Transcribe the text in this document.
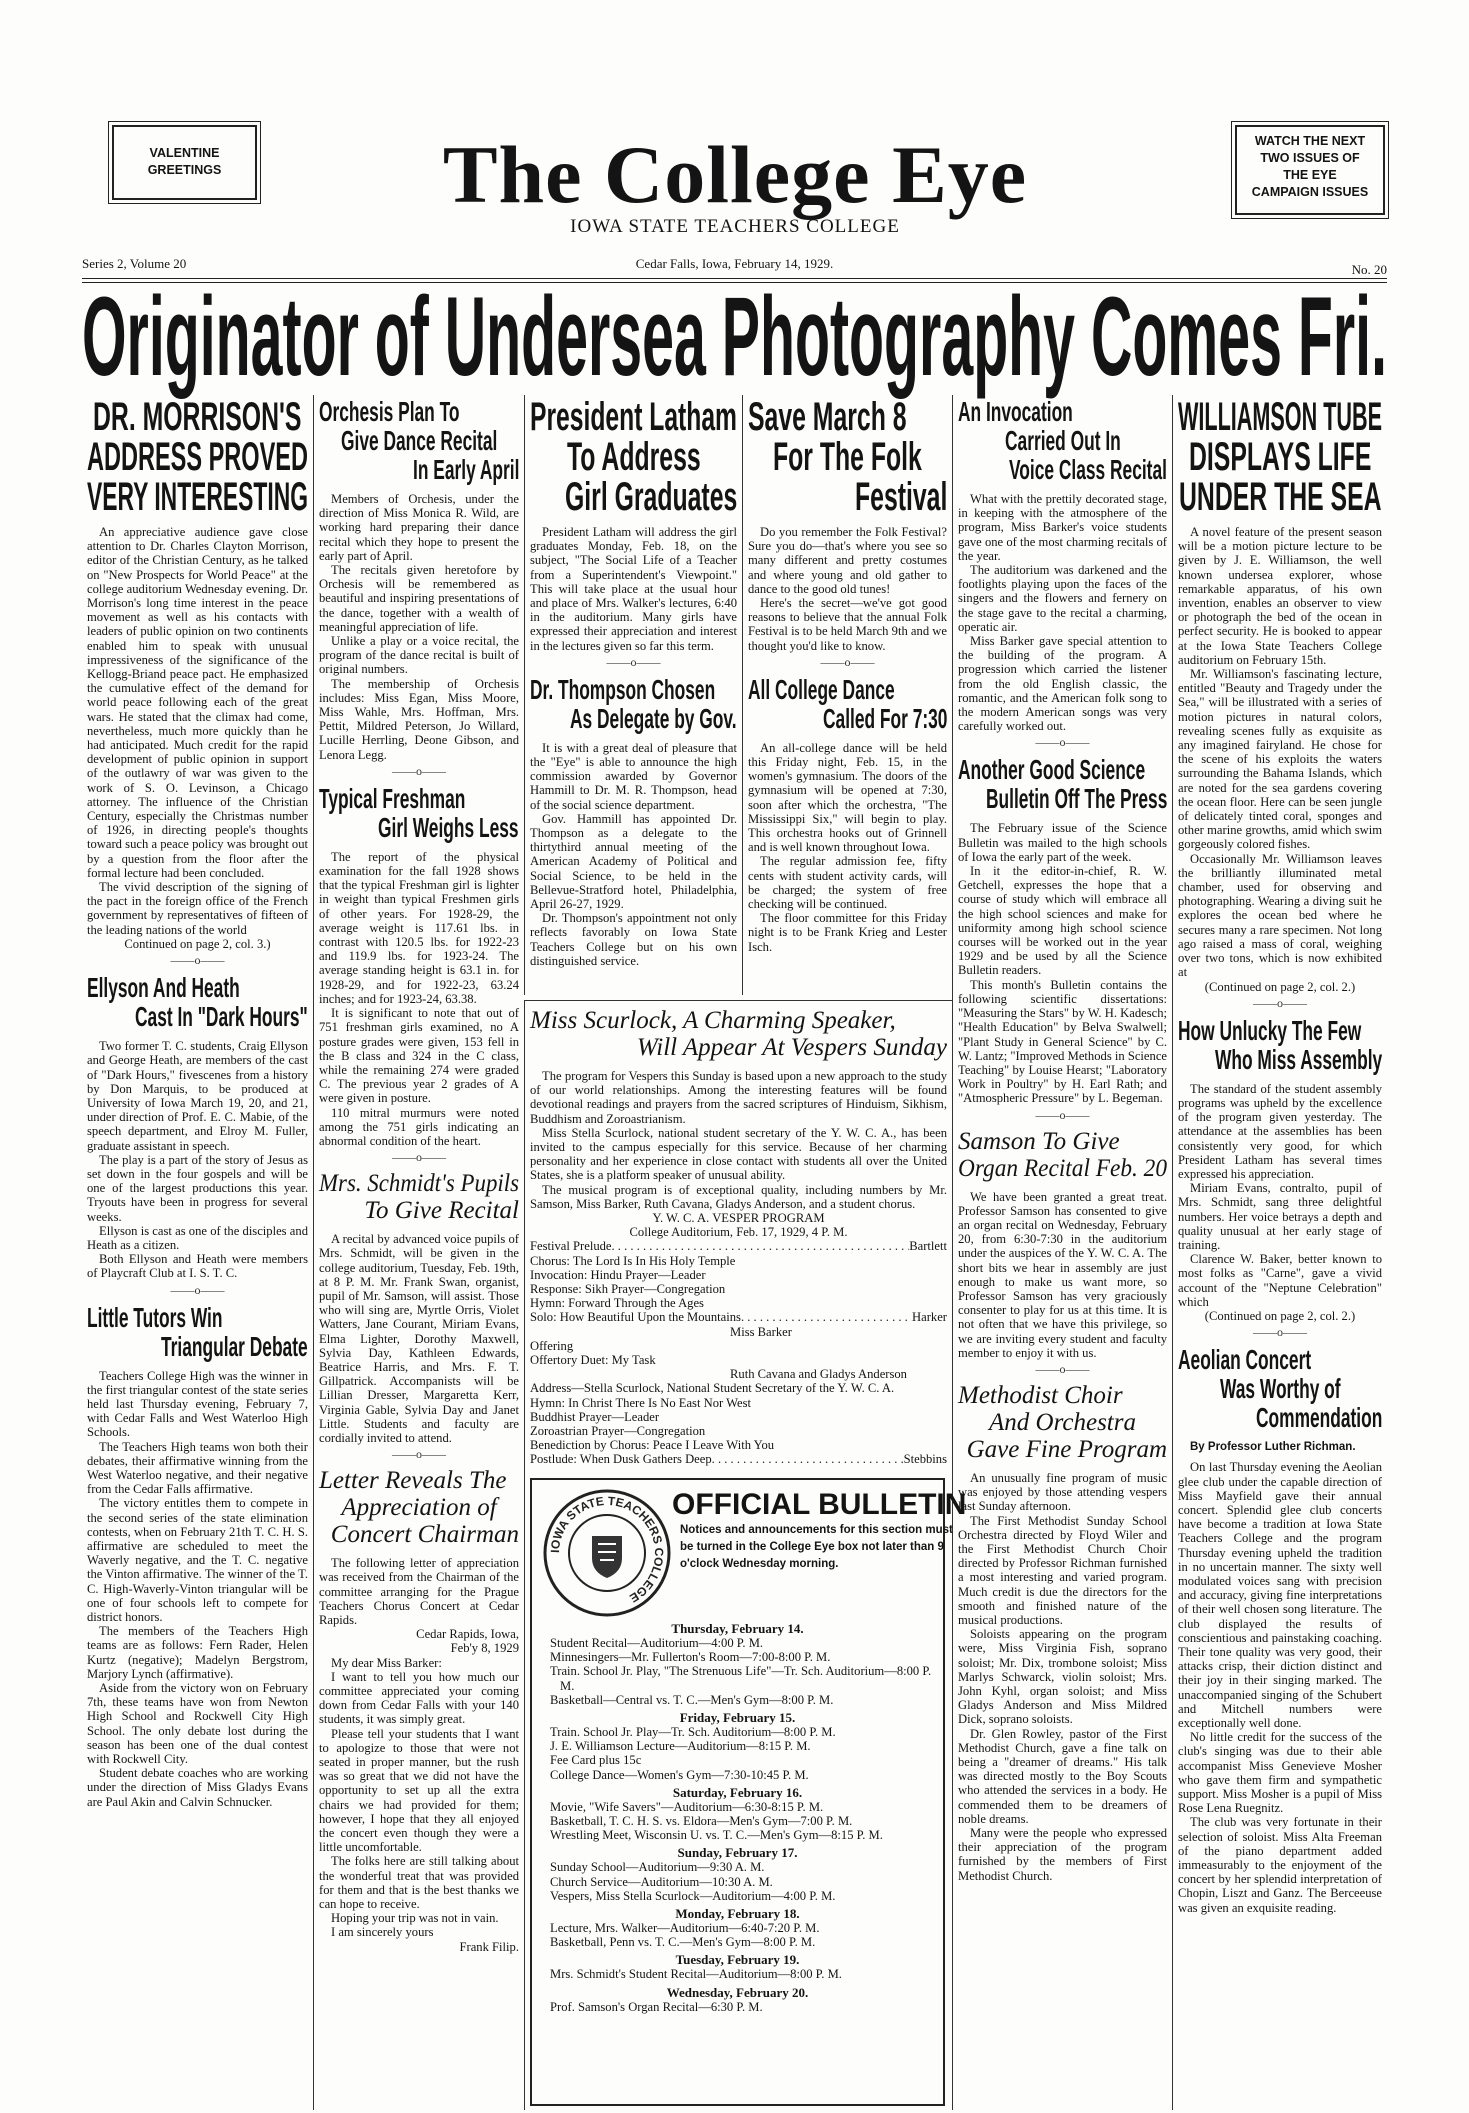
VALENTINE
GREETINGS	The College Eye
IOWA STATE TEACHERS COLLEGE
WATCH THE NEXT
TWO ISSUES OF
THE EYE
CAMPAIGN ISSUES
Series 2, Volume 20	Cedar Falls, Iowa, February 14, 1929.	No. 20
Originator of Undersea Photography Comes Fri.
DR. MORRISON'S
ADDRESS PROVED
VERY INTERESTING

An appreciative audience gave close attention to Dr. Charles Clayton Morrison, editor of the Christian Century, as he talked on "New Prospects for World Peace" at the college auditorium Wednesday evening. Dr. Morrison's long time interest in the peace movement as well as his contacts with leaders of public opinion on two continents enabled him to speak with unusual impressiveness of the significance of the Kellogg-Briand peace pact. He emphasized the cumulative effect of the demand for world peace following each of the great wars. He stated that the climax had come, nevertheless, much more quickly than he had anticipated. Much credit for the rapid development of public opinion in support of the outlawry of war was given to the work of S. O. Levinson, a Chicago attorney. The influence of the Christian Century, especially the Christmas number of 1926, in directing people's thoughts toward such a peace policy was brought out by a question from the floor after the formal lecture had been concluded.

The vivid description of the signing of the pact in the foreign office of the French government by representatives of fifteen of the leading nations of the world

Continued on page 2, col. 3.)

——o——
Ellyson And Heath
Cast In "Dark Hours"

Two former T. C. students, Craig Ellyson and George Heath, are members of the cast of "Dark Hours," fivescenes from a history by Don Marquis, to be produced at University of Iowa March 19, 20, and 21, under direction of Prof. E. C. Mabie, of the speech department, and Elroy M. Fuller, graduate assistant in speech.

The play is a part of the story of Jesus as set down in the four gospels and will be one of the largest productions this year. Tryouts have been in progress for several weeks.

Ellyson is cast as one of the disciples and Heath as a citizen.

Both Ellyson and Heath were members of Playcraft Club at I. S. T. C.

——o——
Little Tutors Win
Triangular Debate

Teachers College High was the winner in the first triangular contest of the state series held last Thursday evening, February 7, with Cedar Falls and West Waterloo High Schools.

The Teachers High teams won both their debates, their affirmative winning from the West Waterloo negative, and their negative from the Cedar Falls affirmative.

The victory entitles them to compete in the second series of the state elimination contests, when on February 21th T. C. H. S. affirmative are scheduled to meet the Waverly negative, and the T. C. negative the Vinton affirmative. The winner of the T. C. High-Waverly-Vinton triangular will be one of four schools left to compete for district honors.

The members of the Teachers High teams are as follows: Fern Rader, Helen Kurtz (negative); Madelyn Bergstrom, Marjory Lynch (affirmative).

Aside from the victory won on February 7th, these teams have won from Newton High School and Rockwell City High School. The only debate lost during the season has been one of the dual contest with Rockwell City.

Student debate coaches who are working under the direction of Miss Gladys Evans are Paul Akin and Calvin Schnucker.

Orchesis Plan To
Give Dance Recital
In Early April

Members of Orchesis, under the direction of Miss Monica R. Wild, are working hard preparing their dance recital which they hope to present the early part of April.

The recitals given heretofore by Orchesis will be remembered as beautiful and inspiring presentations of the dance, together with a wealth of meaningful appreciation of life.

Unlike a play or a voice recital, the program of the dance recital is built of original numbers.

The membership of Orchesis includes: Miss Egan, Miss Moore, Miss Wahle, Mrs. Hoffman, Mrs. Pettit, Mildred Peterson, Jo Willard, Lucille Herrling, Deone Gibson, and Lenora Legg.

——o——
Typical Freshman
Girl Weighs Less

The report of the physical examination for the fall 1928 shows that the typical Freshman girl is lighter in weight than typical Freshmen girls of other years. For 1928-29, the average weight is 117.61 lbs. in contrast with 120.5 lbs. for 1922-23 and 119.9 lbs. for 1923-24. The average standing height is 63.1 in. for 1928-29, and for 1922-23, 63.24 inches; and for 1923-24, 63.38.

It is significant to note that out of 751 freshman girls examined, no A posture grades were given, 153 fell in the B class and 324 in the C class, while the remaining 274 were graded C. The previous year 2 grades of A were given in posture.

110 mitral murmurs were noted among the 751 girls indicating an abnormal condition of the heart.

——o——
Mrs. Schmidt's Pupils
To Give Recital

A recital by advanced voice pupils of Mrs. Schmidt, will be given in the college auditorium, Tuesday, Feb. 19th, at 8 P. M. Mr. Frank Swan, organist, pupil of Mr. Samson, will assist. Those who will sing are, Myrtle Orris, Violet Watters, Jane Courant, Miriam Evans, Elma Lighter, Dorothy Maxwell, Sylvia Day, Kathleen Edwards, Beatrice Harris, and Mrs. F. T. Gillpatrick. Accompanists will be Lillian Dresser, Margaretta Kerr, Virginia Gable, Sylvia Day and Janet Little. Students and faculty are cordially invited to attend.

——o——
Letter Reveals The
Appreciation of
Concert Chairman

The following letter of appreciation was received from the Chairman of the committee arranging for the Prague Teachers Chorus Concert at Cedar Rapids.

Cedar Rapids, Iowa,

Feb'y 8, 1929

My dear Miss Barker:

I want to tell you how much our committee appreciated your coming down from Cedar Falls with your 140 students, it was simply great.

Please tell your students that I want to apologize to those that were not seated in proper manner, but the rush was so great that we did not have the opportunity to set up all the extra chairs we had provided for them; however, I hope that they all enjoyed the concert even though they were a little uncomfortable.

The folks here are still talking about the wonderful treat that was provided for them and that is the best thanks we can hope to receive.

Hoping your trip was not in vain.

I am sincerely yours

Frank Filip.

President Latham
To Address
Girl Graduates

President Latham will address the girl graduates Monday, Feb. 18, on the subject, "The Social Life of a Teacher from a Superintendent's Viewpoint." This will take place at the usual hour and place of Mrs. Walker's lectures, 6:40 in the auditorium. Many girls have expressed their appreciation and interest in the lectures given so far this term.

——o——
Dr. Thompson Chosen
As Delegate by Gov.

It is with a great deal of pleasure that the "Eye" is able to announce the high commission awarded by Governor Hammill to Dr. M. R. Thompson, head of the social science department.

Gov. Hammill has appointed Dr. Thompson as a delegate to the thirtythird annual meeting of the American Academy of Political and Social Science, to be held in the Bellevue-Stratford hotel, Philadelphia, April 26-27, 1929.

Dr. Thompson's appointment not only reflects favorably on Iowa State Teachers College but on his own distinguished service.

Save March 8
For The Folk
Festival

Do you remember the Folk Festival? Sure you do—that's where you see so many different and pretty costumes and where young and old gather to dance to the good old tunes!

Here's the secret—we've got good reasons to believe that the annual Folk Festival is to be held March 9th and we thought you'd like to know.

——o——
All College Dance
Called For 7:30

An all-college dance will be held this Friday night, Feb. 15, in the women's gymnasium. The doors of the gymnasium will be opened at 7:30, soon after which the orchestra, "The Mississippi Six," will begin to play. This orchestra hooks out of Grinnell and is well known throughout Iowa.

The regular admission fee, fifty cents with student activity cards, will be charged; the system of free checking will be continued.

The floor committee for this Friday night is to be Frank Krieg and Lester Isch.

Miss Scurlock, A Charming Speaker,
Will Appear At Vespers Sunday

The program for Vespers this Sunday is based upon a new approach to the study of our world relationships. Among the interesting features will be found devotional readings and prayers from the sacred scriptures of Hinduism, Sikhism, Buddhism and Zoroastrianism.

Miss Stella Scurlock, national student secretary of the Y. W. C. A., has been invited to the campus especially for this service. Because of her charming personality and her experience in close contact with students all over the United States, she is a platform speaker of unusual ability.

The musical program is of exceptional quality, including numbers by Mr. Samson, Miss Barker, Ruth Cavana, Gladys Anderson, and a student chorus.

Y. W. C. A. VESPER PROGRAM
College Auditorium, Feb. 17, 1929, 4 P. M.
Festival Prelude . . .	Bartlett
Chorus: The Lord Is In His Holy Temple
Invocation: Hindu Prayer—Leader
Response: Sikh Prayer—Congregation
Hymn: Forward Through the Ages
Solo: How Beautiful Upon the Mountains . . .	Harker
Miss Barker
Offering
Offertory Duet: My Task
Ruth Cavana and Gladys Anderson
Address—Stella Scurlock, National Student Secretary of the Y. W. C. A.
Hymn: In Christ There Is No East Nor West
Buddhist Prayer—Leader
Zoroastrian Prayer—Congregation
Benediction by Chorus: Peace I Leave With You
Postlude: When Dusk Gathers Deep . . .	Stebbins
An Invocation
Carried Out In
Voice Class Recital

What with the prettily decorated stage, in keeping with the atmosphere of the program, Miss Barker's voice students gave one of the most charming recitals of the year.

The auditorium was darkened and the footlights playing upon the faces of the singers and the flowers and fernery on the stage gave to the recital a charming, operatic air.

Miss Barker gave special attention to the building of the program. A progression which carried the listener from the old English classic, the romantic, and the American folk song to the modern American songs was very carefully worked out.

——o——
Another Good Science
Bulletin Off The Press

The February issue of the Science Bulletin was mailed to the high schools of Iowa the early part of the week.

In it the editor-in-chief, R. W. Getchell, expresses the hope that a course of study which will embrace all the high school sciences and make for uniformity among high school science courses will be worked out in the year 1929 and be used by all the Science Bulletin readers.

This month's Bulletin contains the following scientific dissertations: "Measuring the Stars" by W. H. Kadesch; "Health Education" by Belva Swalwell; "Plant Study in General Science" by C. W. Lantz; "Improved Methods in Science Teaching" by Louise Hearst; "Laboratory Work in Poultry" by H. Earl Rath; and "Atmospheric Pressure" by L. Begeman.

——o——
Samson To Give
Organ Recital Feb. 20

We have been granted a great treat. Professor Samson has consented to give an organ recital on Wednesday, February 20, from 6:30-7:30 in the auditorium under the auspices of the Y. W. C. A. The short bits we hear in assembly are just enough to make us want more, so Professor Samson has very graciously consenter to play for us at this time. It is not often that we have this privilege, so we are inviting every student and faculty member to enjoy it with us.

——o——
Methodist Choir
And Orchestra
Gave Fine Program

An unusually fine program of music was enjoyed by those attending vespers last Sunday afternoon.

The First Methodist Sunday School Orchestra directed by Floyd Wiler and the First Methodist Church Choir directed by Professor Richman furnished a most interesting and varied program. Much credit is due the directors for the smooth and finished nature of the musical productions.

Soloists appearing on the program were, Miss Virginia Fish, soprano soloist; Mr. Dix, trombone soloist; Miss Marlys Schwarck, violin soloist; Mrs. John Kyhl, organ soloist; and Miss Gladys Anderson and Miss Mildred Dick, soprano soloists.

Dr. Glen Rowley, pastor of the First Methodist Church, gave a fine talk on being a "dreamer of dreams." His talk was directed mostly to the Boy Scouts who attended the services in a body. He commended them to be dreamers of noble dreams.

Many were the people who expressed their appreciation of the program furnished by the members of First Methodist Church.

WILLIAMSON TUBE
DISPLAYS LIFE
UNDER THE SEA

A novel feature of the present season will be a motion picture lecture to be given by J. E. Williamson, the well known undersea explorer, whose remarkable apparatus, of his own invention, enables an observer to view or photograph the bed of the ocean in perfect security. He is booked to appear at the Iowa State Teachers College auditorium on February 15th.

Mr. Williamson's fascinating lecture, entitled "Beauty and Tragedy under the Sea," will be illustrated with a series of motion pictures in natural colors, revealing scenes fully as exquisite as any imagined fairyland. He chose for the scene of his exploits the waters surrounding the Bahama Islands, which are noted for the sea gardens covering the ocean floor. Here can be seen jungle of delicately tinted coral, sponges and other marine growths, amid which swim gorgeously colored fishes.

Occasionally Mr. Williamson leaves the brilliantly illuminated metal chamber, used for observing and photographing. Wearing a diving suit he explores the ocean bed where he secures many a rare specimen. Not long ago raised a mass of coral, weighing over two tons, which is now exhibited at

(Continued on page 2, col. 2.)

——o——
How Unlucky The Few
Who Miss Assembly

The standard of the student assembly programs was upheld by the excellence of the program given yesterday. The attendance at the assemblies has been consistently very good, for which President Latham has several times expressed his appreciation.

Miriam Evans, contralto, pupil of Mrs. Schmidt, sang three delightful numbers. Her voice betrays a depth and quality unusual at her early stage of training.

Clarence W. Baker, better known to most folks as "Carne", gave a vivid account of the "Neptune Celebration" which

(Continued on page 2, col. 2.)

——o——
Aeolian Concert
Was Worthy of
Commendation

By Professor Luther Richman.

On last Thursday evening the Aeolian glee club under the capable direction of Miss Mayfield gave their annual concert. Splendid glee club concerts have become a tradition at Iowa State Teachers College and the program Thursday evening upheld the tradition in no uncertain manner. The sixty well modulated voices sang with precision and accuracy, giving fine interpretations of their well chosen song literature. The club displayed the results of conscientious and painstaking coaching. Their tone quality was very good, their attacks crisp, their diction distinct and their joy in their singing marked. The unaccompanied singing of the Schubert and Mitchell numbers were exceptionally well done.

No little credit for the success of the club's singing was due to their able accompanist Miss Genevieve Mosher who gave them firm and sympathetic support. Miss Mosher is a pupil of Miss Rose Lena Ruegnitz.

The club was very fortunate in their selection of soloist. Miss Alta Freeman of the piano department added immeasurably to the enjoyment of the concert by her splendid interpretation of Chopin, Liszt and Ganz. The Berceeuse was given an exquisite reading.

IOWA STATE TEACHERS COLLEGE
OFFICIAL BULLETIN
Notices and announcements for this section must be turned in the College Eye box not later than 9 o'clock Wednesday morning.
Thursday, February 14.
Student Recital—Auditorium—4:00 P. M.
Minnesingers—Mr. Fullerton's Room—7:00-8:00 P. M.
Train. School Jr. Play, "The Strenuous Life"—Tr. Sch. Auditorium—8:00 P. M.
Basketball—Central vs. T. C.—Men's Gym—8:00 P. M.
Friday, February 15.
Train. School Jr. Play—Tr. Sch. Auditorium—8:00 P. M.
J. E. Williamson Lecture—Auditorium—8:15 P. M.
Fee Card plus 15c
College Dance—Women's Gym—7:30-10:45 P. M.
Saturday, February 16.
Movie, "Wife Savers"—Auditorium—6:30-8:15 P. M.
Basketball, T. C. H. S. vs. Eldora—Men's Gym—7:00 P. M.
Wrestling Meet, Wisconsin U. vs. T. C.—Men's Gym—8:15 P. M.
Sunday, February 17.
Sunday School—Auditorium—9:30 A. M.
Church Service—Auditorium—10:30 A. M.
Vespers, Miss Stella Scurlock—Auditorium—4:00 P. M.
Monday, February 18.
Lecture, Mrs. Walker—Auditorium—6:40-7:20 P. M.
Basketball, Penn vs. T. C.—Men's Gym—8:00 P. M.
Tuesday, February 19.
Mrs. Schmidt's Student Recital—Auditorium—8:00 P. M.
Wednesday, February 20.
Prof. Samson's Organ Recital—6:30 P. M.
